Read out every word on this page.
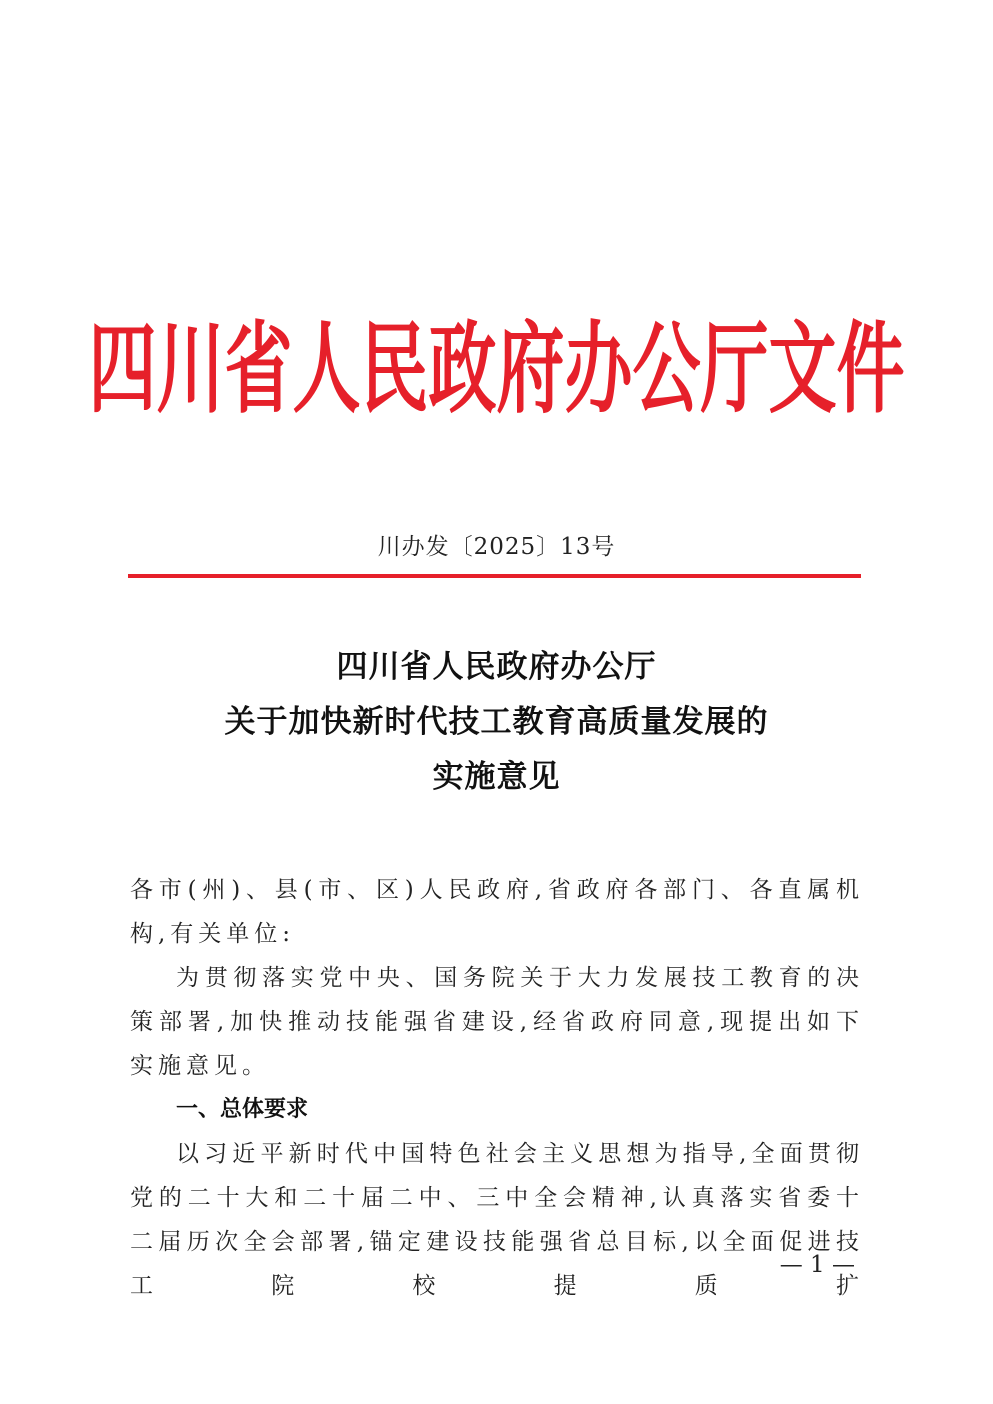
四川省人民政府办公厅文件
川办发〔2025〕13号
四川省人民政府办公厅
关于加快新时代技工教育高质量发展的
实施意见
各市(州)、县(市、区)人民政府,省政府各部门、各直属机构,有关单位:
为贯彻落实党中央、国务院关于大力发展技工教育的决策部署,加快推动技能强省建设,经省政府同意,现提出如下实施意见。
一、总体要求
以习近平新时代中国特色社会主义思想为指导,全面贯彻党的二十大和二十届二中、三中全会精神,认真落实省委十二届历次全会部署,锚定建设技能强省总目标,以全面促进技工院校提质扩
— 1 —
